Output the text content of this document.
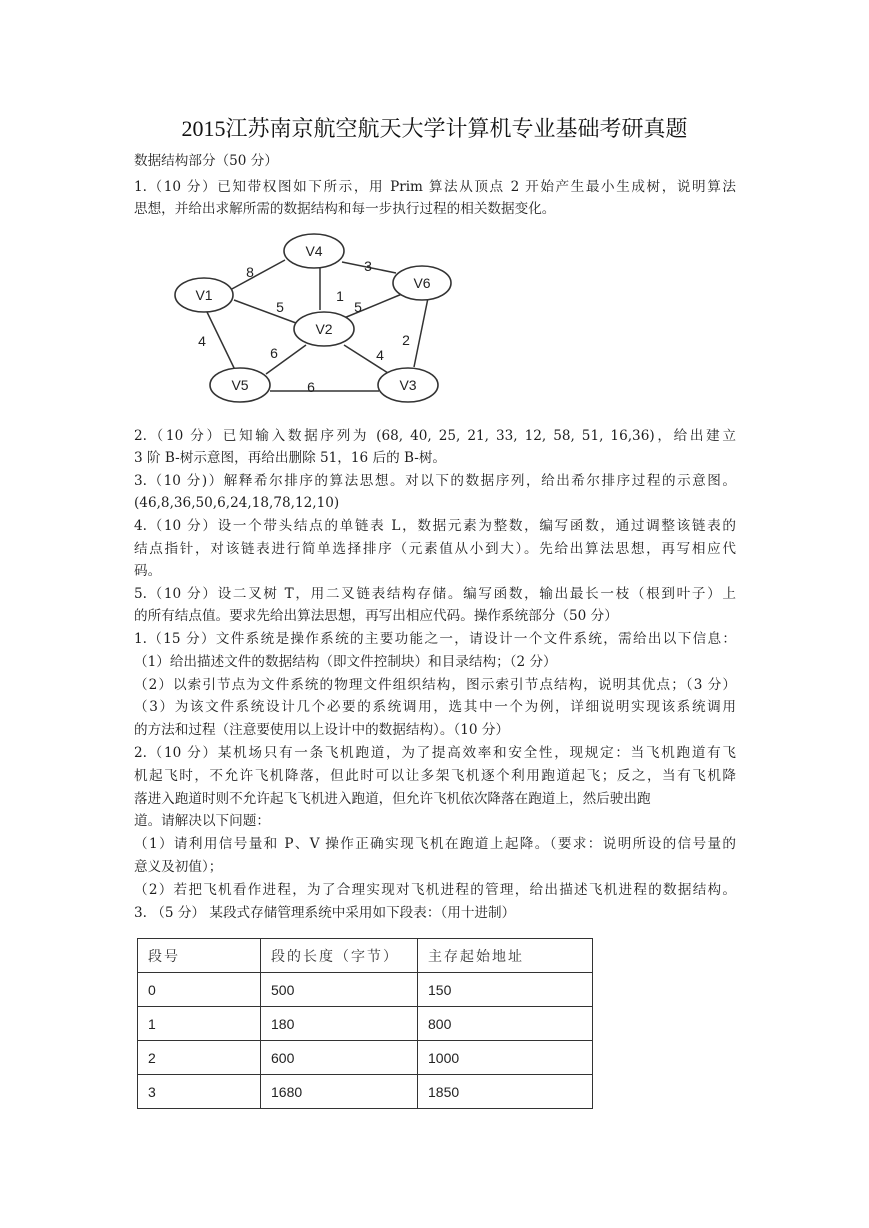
2015江苏南京航空航天大学计算机专业基础考研真题
数据结构部分（50 分）
1.（10 分）已知带权图如下所示，用 Prim 算法从顶点 2 开始产生最小生成树，说明算法
思想，并给出求解所需的数据结构和每一步执行过程的相关数据变化。
V4
V6
V1
V2
V5	V3
8	3
1
5	5
4
6	4
2
6
2.（10 分）已知输入数据序列为 (68, 40, 25, 21, 33, 12, 58, 51, 16,36)，给出建立
3 阶 B-树示意图，再给出删除 51，16 后的 B-树。
3.（10 分)）解释希尔排序的算法思想。对以下的数据序列，给出希尔排序过程的示意图。
(46,8,36,50,6,24,18,78,12,10)
4.（10 分）设一个带头结点的单链表 L，数据元素为整数，编写函数，通过调整该链表的
结点指针，对该链表进行简单选择排序（元素值从小到大）。先给出算法思想，再写相应代
码。
5.（10 分）设二叉树 T，用二叉链表结构存储。编写函数，输出最长一枝（根到叶子）上
的所有结点值。要求先给出算法思想，再写出相应代码。操作系统部分（50 分）
1.（15 分）文件系统是操作系统的主要功能之一，请设计一个文件系统，需给出以下信息：
（1）给出描述文件的数据结构（即文件控制块）和目录结构；（2 分）
（2）以索引节点为文件系统的物理文件组织结构，图示索引节点结构，说明其优点；（3 分）
（3）为该文件系统设计几个必要的系统调用，选其中一个为例，详细说明实现该系统调用
的方法和过程（注意要使用以上设计中的数据结构）。（10 分）
2.（10 分）某机场只有一条飞机跑道，为了提高效率和安全性，现规定：当飞机跑道有飞
机起飞时，不允许飞机降落，但此时可以让多架飞机逐个利用跑道起飞；反之，当有飞机降
落进入跑道时则不允许起飞飞机进入跑道，但允许飞机依次降落在跑道上，然后驶出跑
道。请解决以下问题：
（1）请利用信号量和 P、V 操作正确实现飞机在跑道上起降。（要求：说明所设的信号量的
意义及初值）；
（2）若把飞机看作进程，为了合理实现对飞机进程的管理，给出描述飞机进程的数据结构。
3. （5 分） 某段式存储管理系统中采用如下段表：（用十进制）
段号	段的长度（字节）	主存起始地址
0	500	150
1	180	800
2	600	1000
3	1680	1850
